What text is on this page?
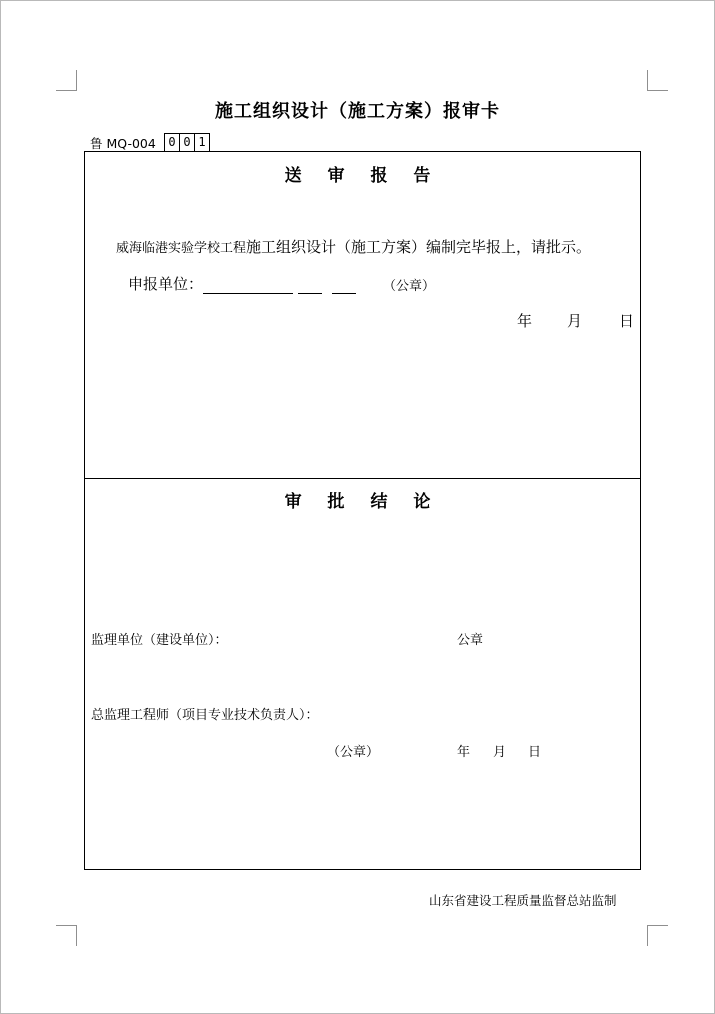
施工组织设计（施工方案）报审卡
鲁 MQ-004	0 0 1
送 审 报 告
威海临港实验学校工程施工组织设计（施工方案）编制完毕报上，请批示。
申报单位：	（公章）
年 月 日
审 批 结 论
监理单位（建设单位）：	公章
总监理工程师（项目专业技术负责人）：
（公章）	年 月 日
山东省建设工程质量监督总站监制
